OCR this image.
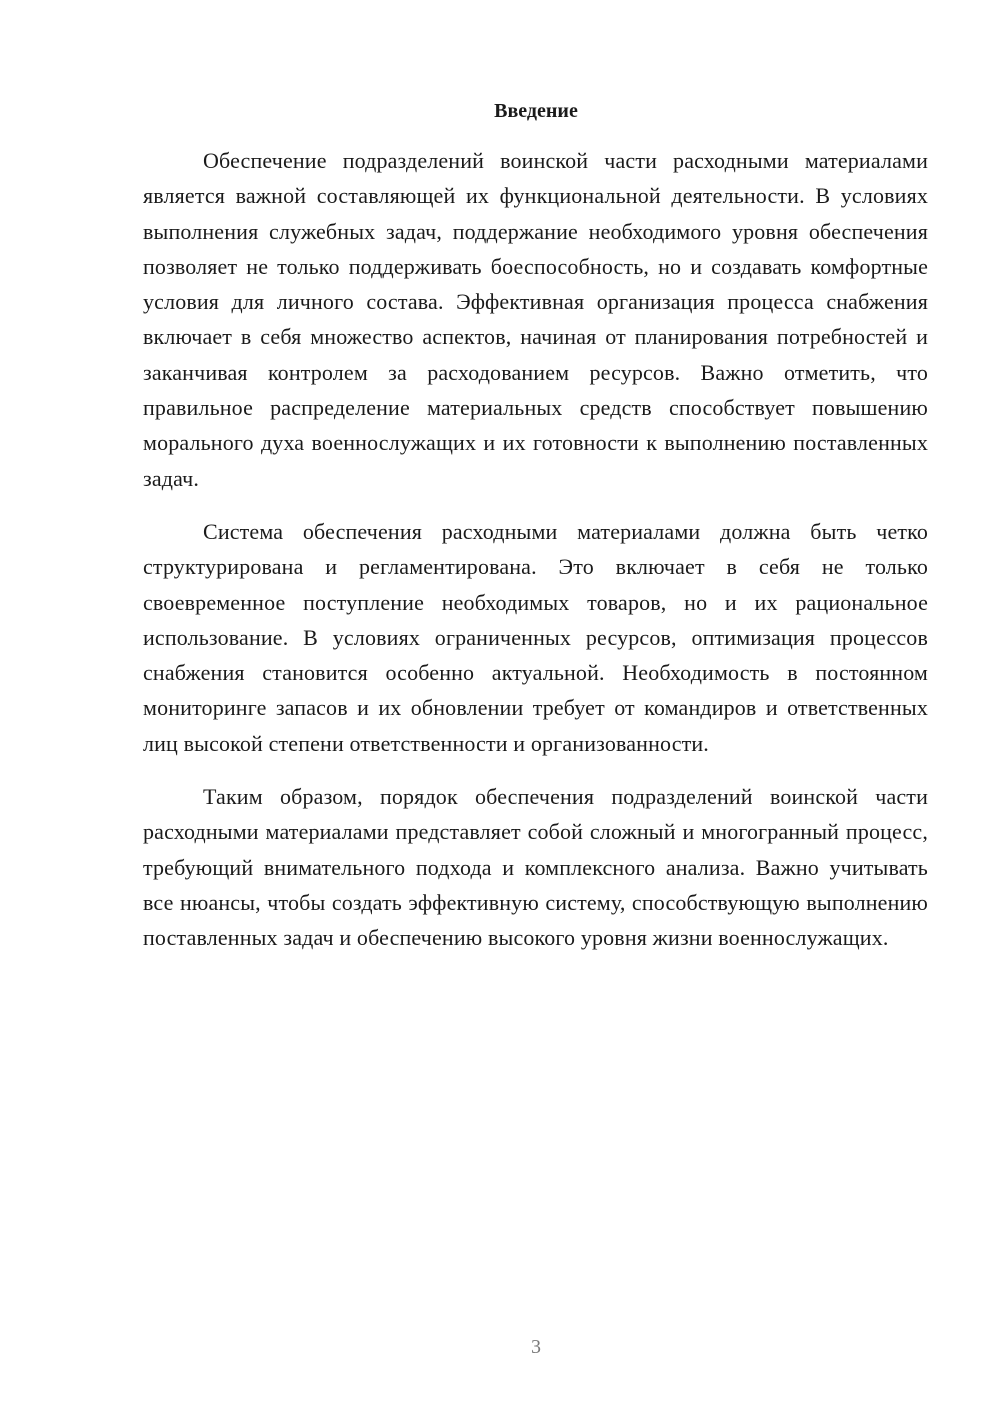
Введение

Обеспечение подразделений воинской части расходными материалами является важной составляющей их функциональной деятельности. В условиях выполнения служебных задач, поддержание необходимого уровня обеспечения позволяет не только поддерживать боеспособность, но и создавать комфортные условия для личного состава. Эффективная организация процесса снабжения включает в себя множество аспектов, начиная от планирования потребностей и заканчивая контролем за расходованием ресурсов. Важно отметить, что правильное распределение материальных средств способствует повышению морального духа военнослужащих и их готовности к выполнению поставленных задач.

Система обеспечения расходными материалами должна быть четко структурирована и регламентирована. Это включает в себя не только своевременное поступление необходимых товаров, но и их рациональное использование. В условиях ограниченных ресурсов, оптимизация процессов снабжения становится особенно актуальной. Необходимость в постоянном мониторинге запасов и их обновлении требует от командиров и ответственных лиц высокой степени ответственности и организованности.

Таким образом, порядок обеспечения подразделений воинской части расходными материалами представляет собой сложный и многогранный процесс, требующий внимательного подхода и комплексного анализа. Важно учитывать все нюансы, чтобы создать эффективную систему, способствующую выполнению поставленных задач и обеспечению высокого уровня жизни военнослужащих.

3
